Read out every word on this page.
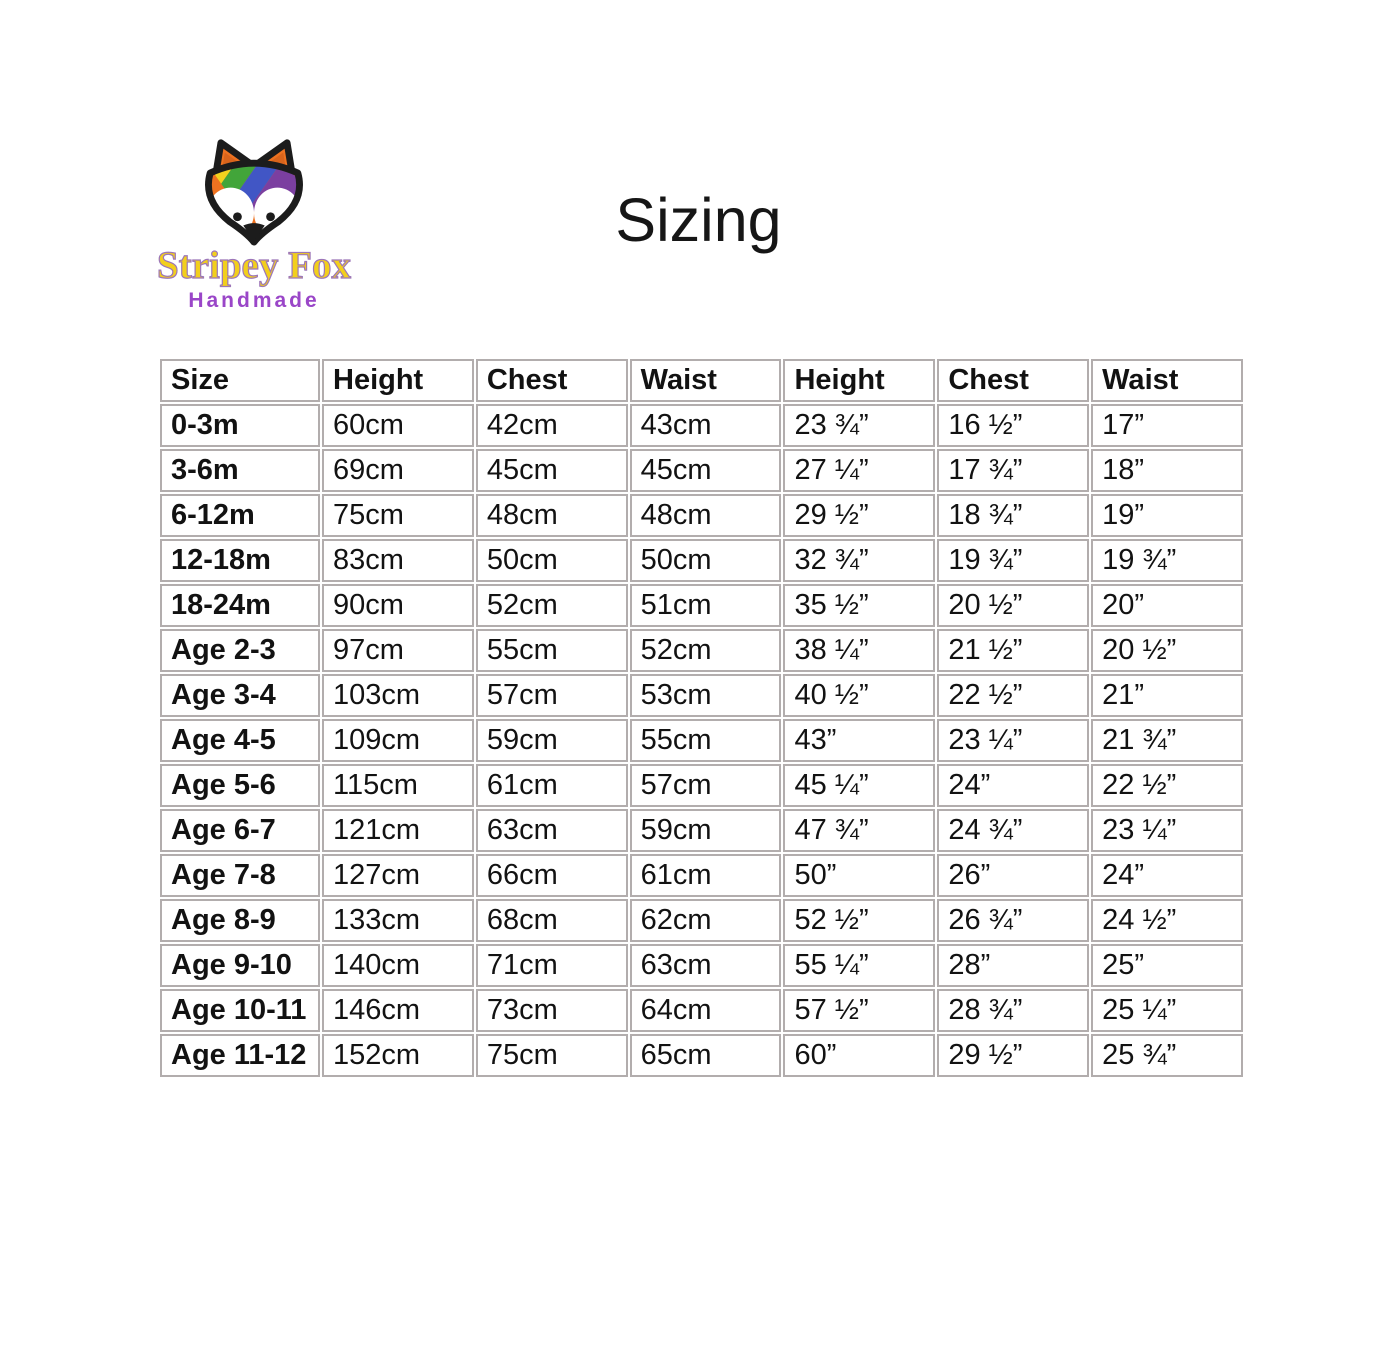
Stripey Fox
Handmade
Sizing
Size	Height	Chest	Waist	Height	Chest	Waist
0-3m	60cm	42cm	43cm	23 ¾”	16 ½”	17”
3-6m	69cm	45cm	45cm	27 ¼”	17 ¾”	18”
6-12m	75cm	48cm	48cm	29 ½”	18 ¾”	19”
12-18m	83cm	50cm	50cm	32 ¾”	19 ¾”	19 ¾”
18-24m	90cm	52cm	51cm	35 ½”	20 ½”	20”
Age 2-3	97cm	55cm	52cm	38 ¼”	21 ½”	20 ½”
Age 3-4	103cm	57cm	53cm	40 ½”	22 ½”	21”
Age 4-5	109cm	59cm	55cm	43”	23 ¼”	21 ¾”
Age 5-6	115cm	61cm	57cm	45 ¼”	24”	22 ½”
Age 6-7	121cm	63cm	59cm	47 ¾”	24 ¾”	23 ¼”
Age 7-8	127cm	66cm	61cm	50”	26”	24”
Age 8-9	133cm	68cm	62cm	52 ½”	26 ¾”	24 ½”
Age 9-10	140cm	71cm	63cm	55 ¼”	28”	25”
Age 10-11	146cm	73cm	64cm	57 ½”	28 ¾”	25 ¼”
Age 11-12	152cm	75cm	65cm	60”	29 ½”	25 ¾”
